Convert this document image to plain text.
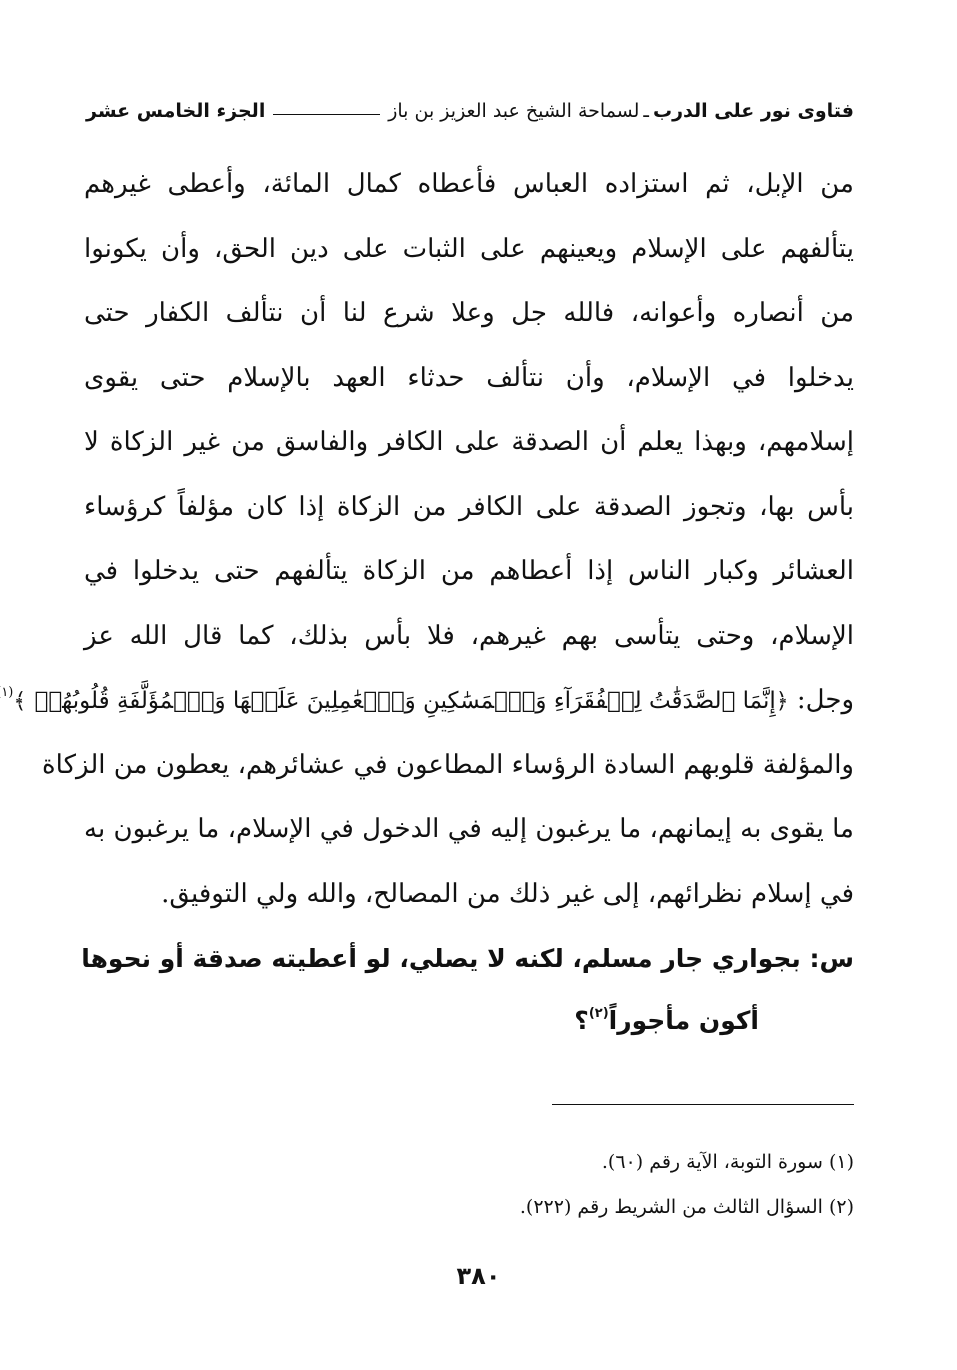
فتاوى نور على الدرب
ـ
لسماحة الشيخ عبد العزيز بن باز
الجزء الخامس عشر
من الإبل، ثم استزاده العباس فأعطاه كمال المائة، وأعطى غيرهم
يتألفهم على الإسلام ويعينهم على الثبات على دين الحق، وأن يكونوا
من أنصاره وأعوانه، فالله جل وعلا شرع لنا أن نتألف الكفار حتى
يدخلوا في الإسلام، وأن نتألف حدثاء العهد بالإسلام حتى يقوى
إسلامهم، وبهذا يعلم أن الصدقة على الكافر والفاسق من غير الزكاة لا
بأس بها، وتجوز الصدقة على الكافر من الزكاة إذا كان مؤلفاً كرؤساء
العشائر وكبار الناس إذا أعطاهم من الزكاة يتألفهم حتى يدخلوا في
الإسلام، وحتى يتأسى بهم غيرهم، فلا بأس بذلك، كما قال الله عز
وجل: ﴿إِنَّمَا ٱلصَّدَقَٰتُ لِلۡفُقَرَآءِ وَٱلۡمَسَٰكِينِ وَٱلۡعَٰمِلِينَ عَلَيۡهَا وَٱلۡمُؤَلَّفَةِ قُلُوبُهُمۡ ﴾$^{(١}$
والمؤلفة قلوبهم السادة الرؤساء المطاعون في عشائرهم، يعطون من الزكاة
ما يقوى به إيمانهم، ما يرغبون إليه في الدخول في الإسلام، ما يرغبون به
في إسلام نظرائهم، إلى غير ذلك من المصالح، والله ولي التوفيق.
س: بجواري جار مسلم، لكنه لا يصلي، لو أعطيته صدقة أو نحوها
أكون مأجوراً$^{(٢)}$؟
(١) سورة التوبة، الآية رقم (٦٠).
(٢) السؤال الثالث من الشريط رقم (٢٢٢).
٣٨٠
